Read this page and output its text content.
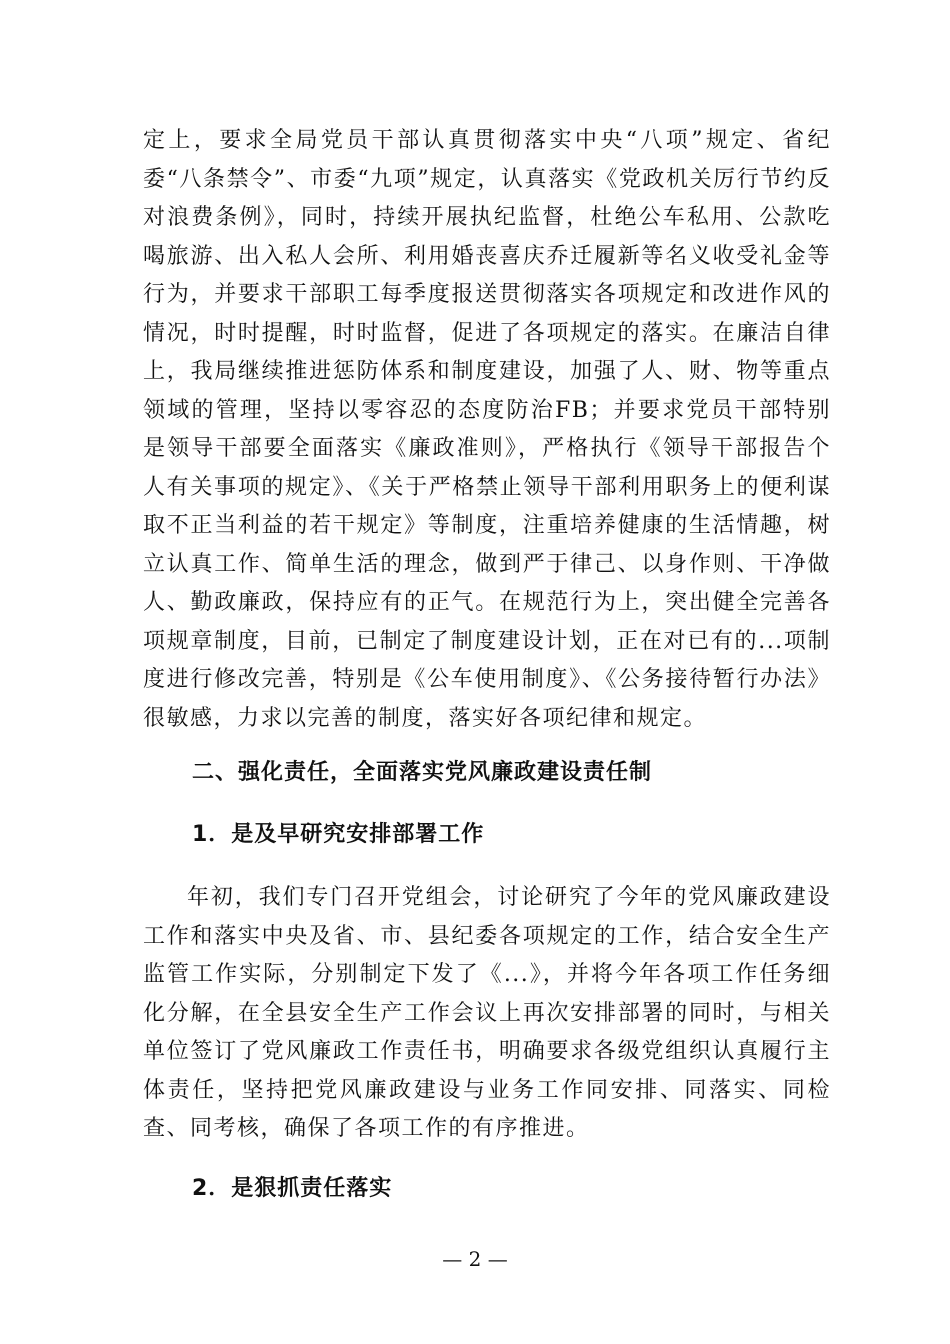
定上，要求全局党员干部认真贯彻落实中央“八项”规定、省纪委“八条禁令”、市委“九项”规定，认真落实《党政机关厉行节约反对浪费条例》，同时，持续开展执纪监督，杜绝公车私用、公款吃喝旅游、出入私人会所、利用婚丧喜庆乔迁履新等名义收受礼金等行为，并要求干部职工每季度报送贯彻落实各项规定和改进作风的情况，时时提醒，时时监督，促进了各项规定的落实。在廉洁自律上，我局继续推进惩防体系和制度建设，加强了人、财、物等重点领域的管理，坚持以零容忍的态度防治FB；并要求党员干部特别是领导干部要全面落实《廉政准则》，严格执行《领导干部报告个人有关事项的规定》、《关于严格禁止领导干部利用职务上的便利谋取不正当利益的若干规定》等制度，注重培养健康的生活情趣，树立认真工作、简单生活的理念，做到严于律己、以身作则、干净做人、勤政廉政，保持应有的正气。在规范行为上，突出健全完善各项规章制度，目前，已制定了制度建设计划，正在对已有的...项制度进行修改完善，特别是《公车使用制度》、《公务接待暂行办法》很敏感，力求以完善的制度，落实好各项纪律和规定。
二、强化责任，全面落实党风廉政建设责任制
1．是及早研究安排部署工作
年初，我们专门召开党组会，讨论研究了今年的党风廉政建设工作和落实中央及省、市、县纪委各项规定的工作，结合安全生产监管工作实际，分别制定下发了《...》，并将今年各项工作任务细化分解，在全县安全生产工作会议上再次安排部署的同时，与相关单位签订了党风廉政工作责任书，明确要求各级党组织认真履行主体责任，坚持把党风廉政建设与业务工作同安排、同落实、同检查、同考核，确保了各项工作的有序推进。
2．是狠抓责任落实
— 2 —
